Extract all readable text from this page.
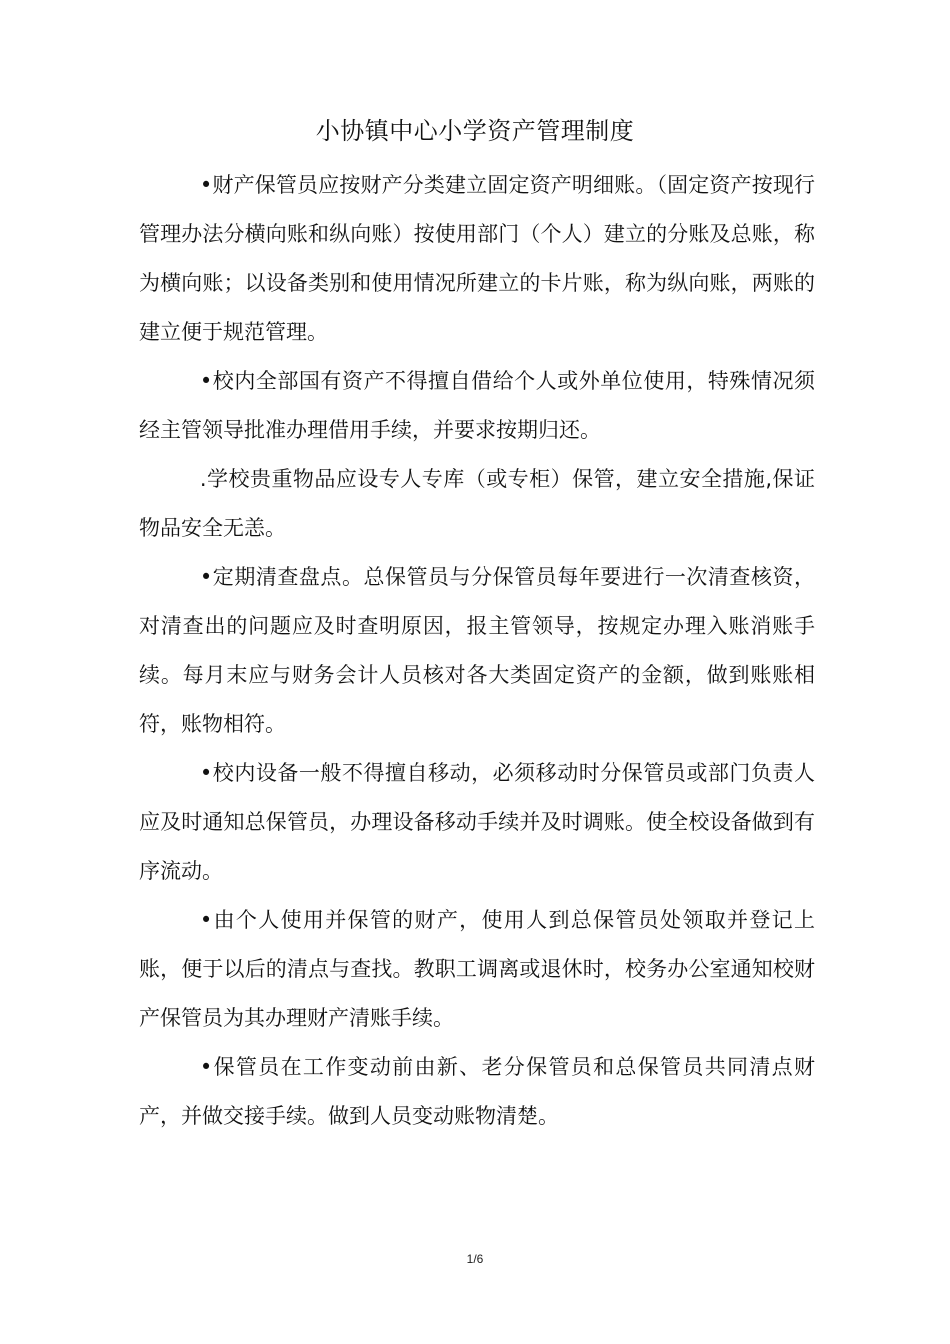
小协镇中心小学资产管理制度

•财产保管员应按财产分类建立固定资产明细账。（固定资产按现行管理办法分横向账和纵向账）按使用部门（个人）建立的分账及总账，称为横向账；以设备类别和使用情况所建立的卡片账，称为纵向账，两账的建立便于规范管理。

•校内全部国有资产不得擅自借给个人或外单位使用，特殊情况须经主管领导批准办理借用手续，并要求按期归还。

.学校贵重物品应设专人专库（或专柜）保管，建立安全措施,保证物品安全无恙。

•定期清查盘点。总保管员与分保管员每年要进行一次清查核资，对清查出的问题应及时查明原因，报主管领导，按规定办理入账消账手续。每月末应与财务会计人员核对各大类固定资产的金额，做到账账相符，账物相符。

•校内设备一般不得擅自移动，必须移动时分保管员或部门负责人应及时通知总保管员，办理设备移动手续并及时调账。使全校设备做到有序流动。

•由个人使用并保管的财产，使用人到总保管员处领取并登记上账，便于以后的清点与查找。教职工调离或退休时，校务办公室通知校财产保管员为其办理财产清账手续。

•保管员在工作变动前由新、老分保管员和总保管员共同清点财产，并做交接手续。做到人员变动账物清楚。

1/6
